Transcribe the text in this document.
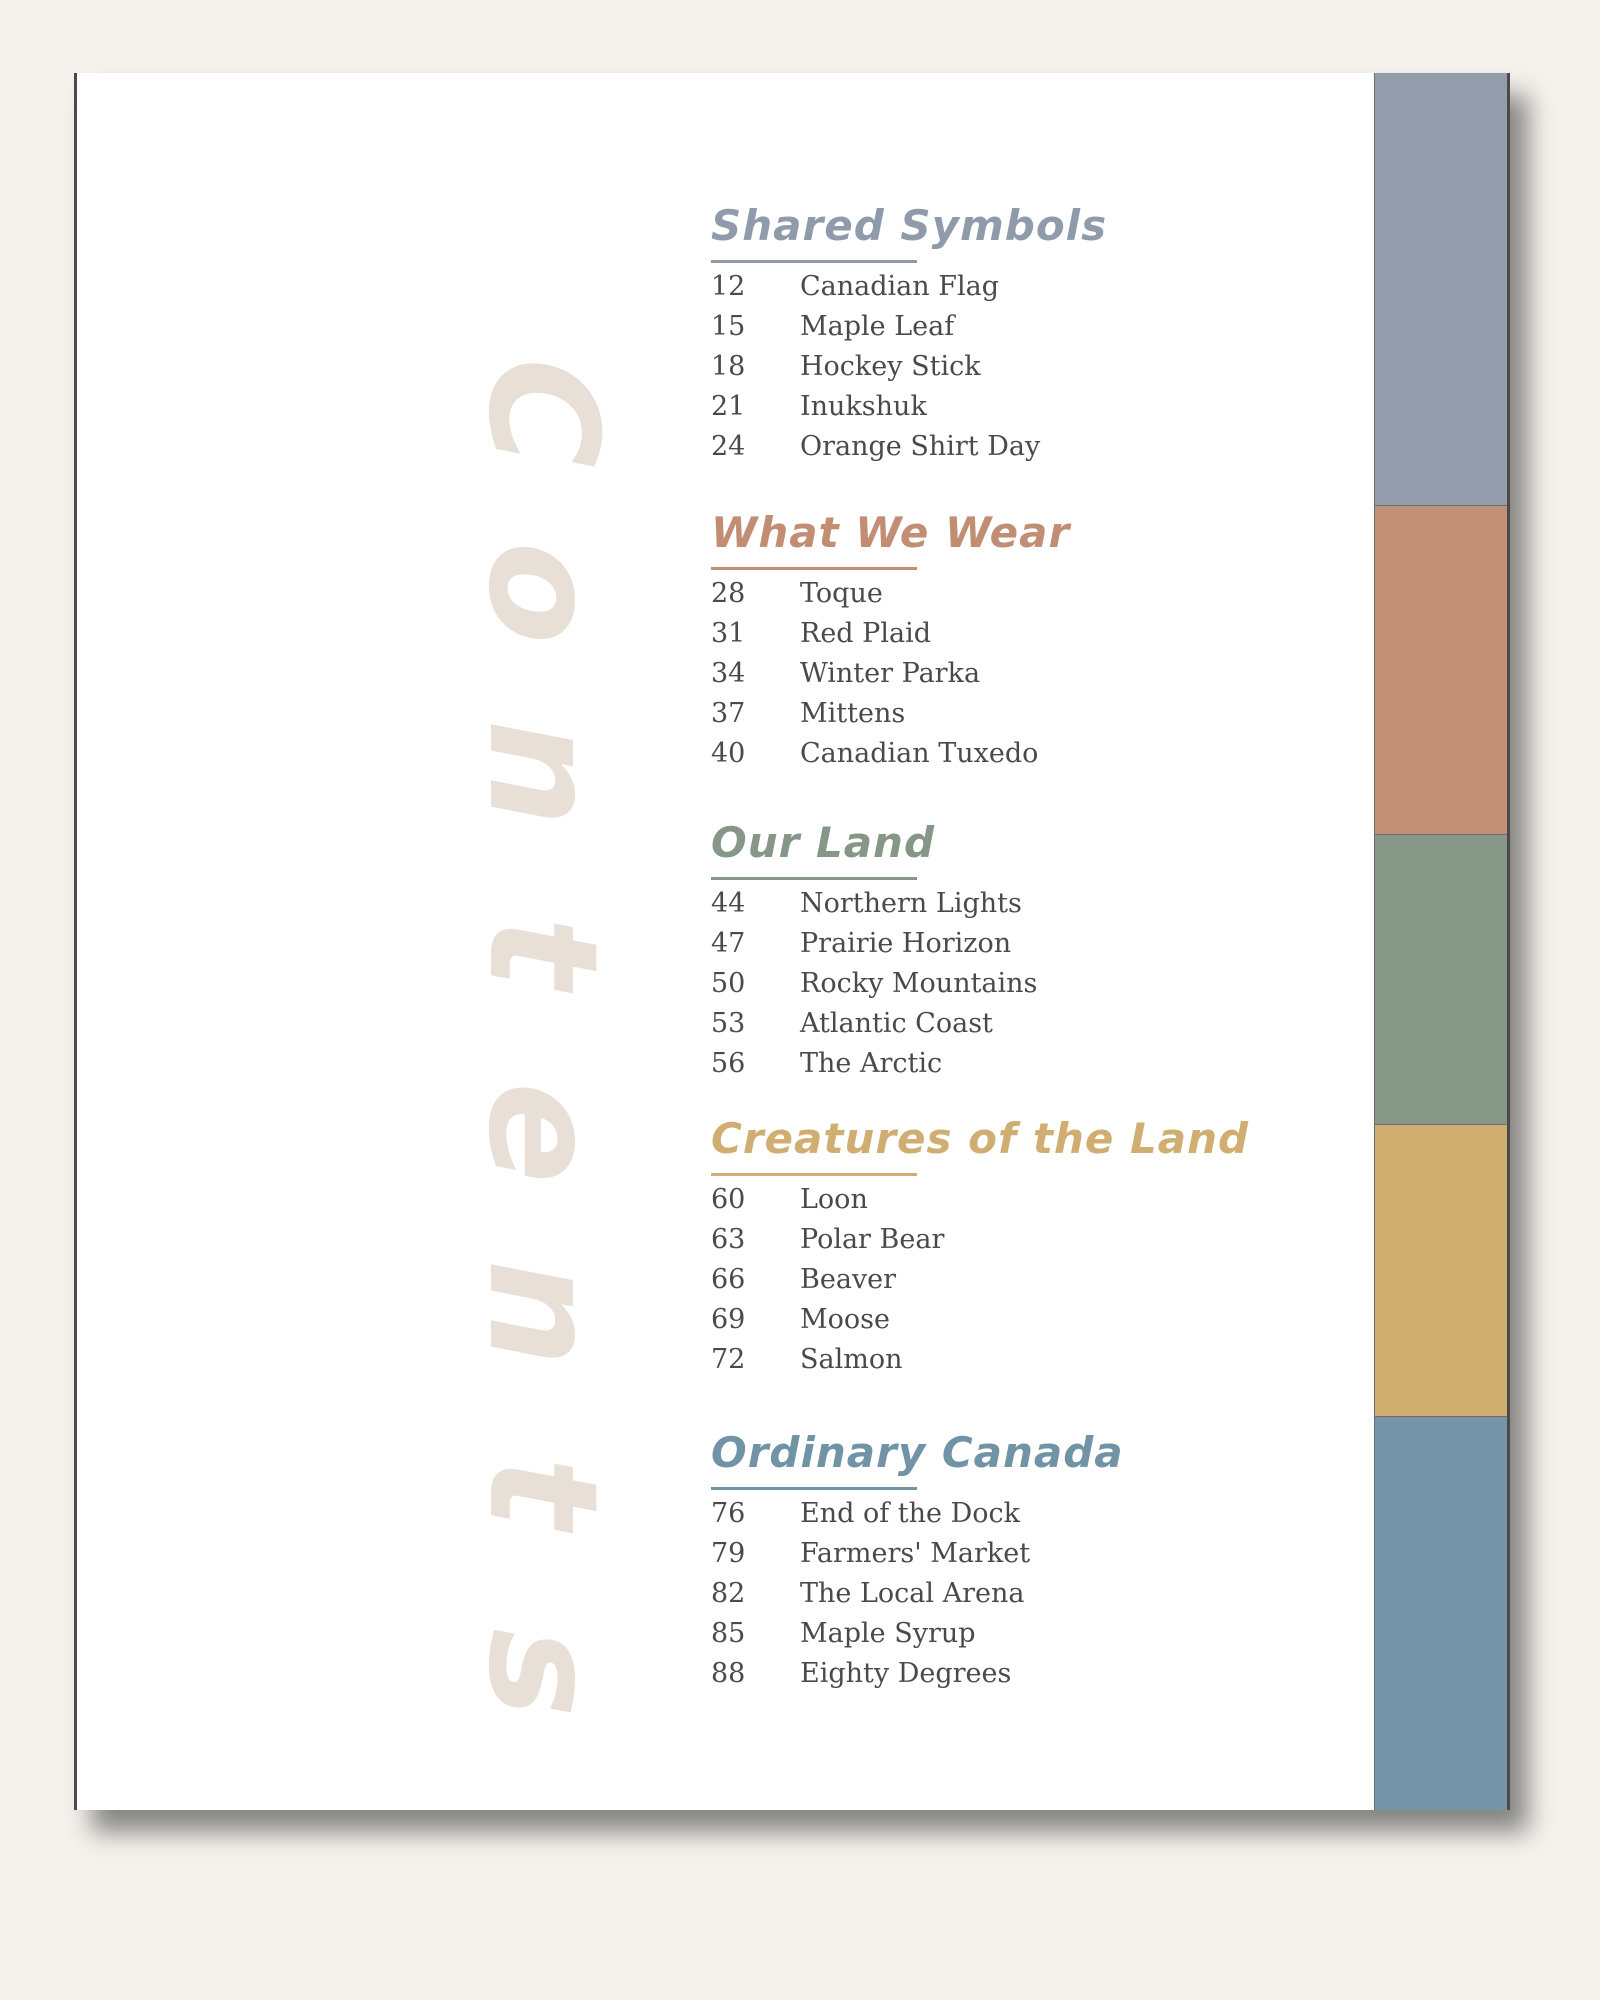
C
o
n
t
e
n
t
s
Shared Symbols
12 Canadian Flag
15 Maple Leaf
18 Hockey Stick
21 Inukshuk
24 Orange Shirt Day
What We Wear
28 Toque
31 Red Plaid
34 Winter Parka
37 Mittens
40 Canadian Tuxedo
Our Land
44 Northern Lights
47 Prairie Horizon
50 Rocky Mountains
53 Atlantic Coast
56 The Arctic
Creatures of the Land
60 Loon
63 Polar Bear
66 Beaver
69 Moose
72 Salmon
Ordinary Canada
76 End of the Dock
79 Farmers' Market
82 The Local Arena
85 Maple Syrup
88 Eighty Degrees
